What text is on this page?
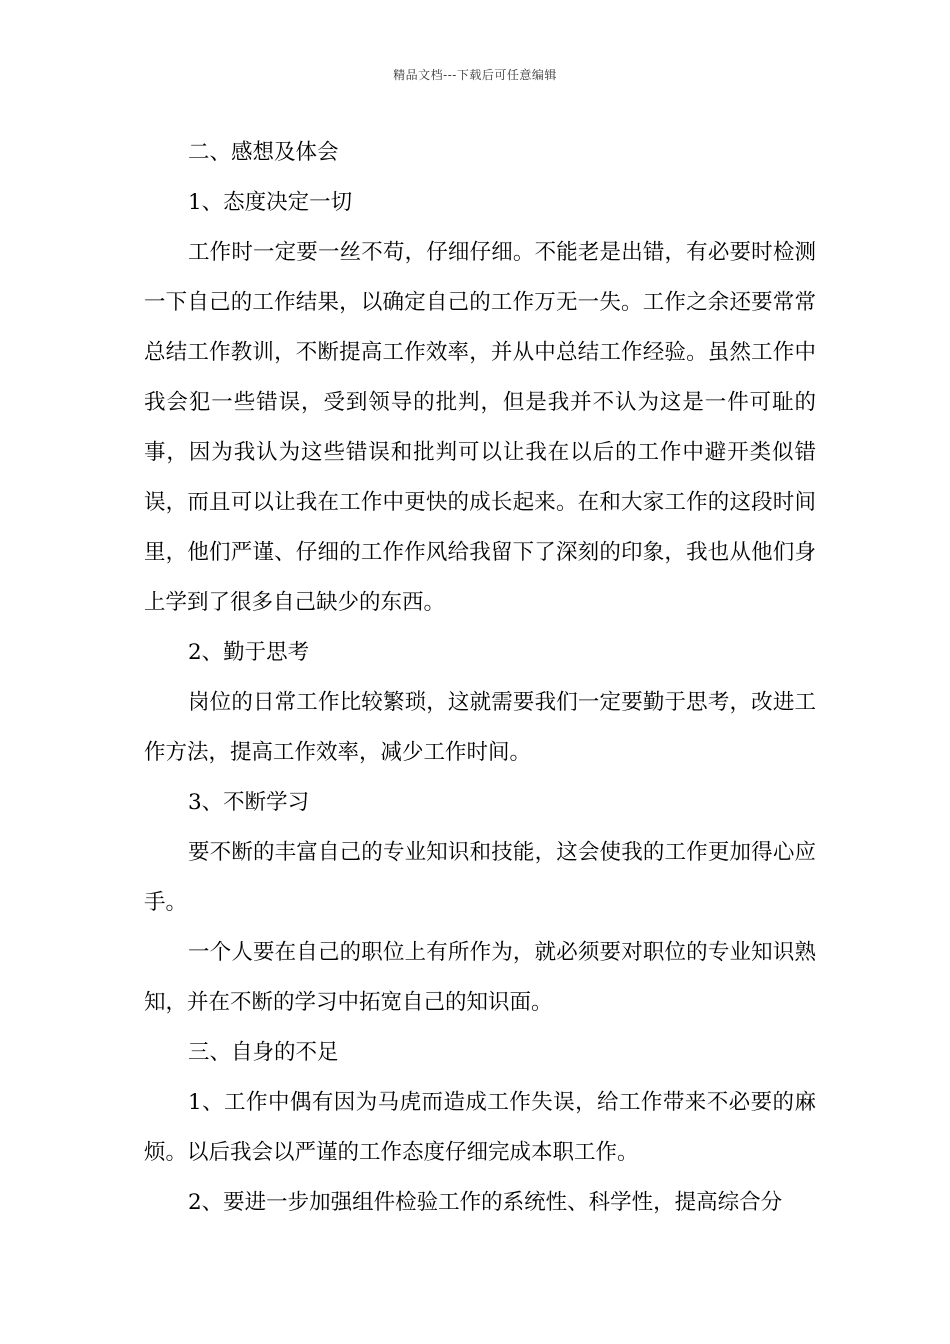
精品文档---下载后可任意编辑

二、感想及体会

1、态度决定一切

工作时一定要一丝不苟，仔细仔细。不能老是出错，有必要时检测一下自己的工作结果，以确定自己的工作万无一失。工作之余还要常常总结工作教训，不断提高工作效率，并从中总结工作经验。虽然工作中我会犯一些错误，受到领导的批判，但是我并不认为这是一件可耻的事，因为我认为这些错误和批判可以让我在以后的工作中避开类似错误，而且可以让我在工作中更快的成长起来。在和大家工作的这段时间里，他们严谨、仔细的工作作风给我留下了深刻的印象，我也从他们身上学到了很多自己缺少的东西。

2、勤于思考

岗位的日常工作比较繁琐，这就需要我们一定要勤于思考，改进工作方法，提高工作效率，减少工作时间。

3、不断学习

要不断的丰富自己的专业知识和技能，这会使我的工作更加得心应手。

一个人要在自己的职位上有所作为，就必须要对职位的专业知识熟知，并在不断的学习中拓宽自己的知识面。

三、自身的不足

1、工作中偶有因为马虎而造成工作失误，给工作带来不必要的麻烦。以后我会以严谨的工作态度仔细完成本职工作。

2、要进一步加强组件检验工作的系统性、科学性，提高综合分
